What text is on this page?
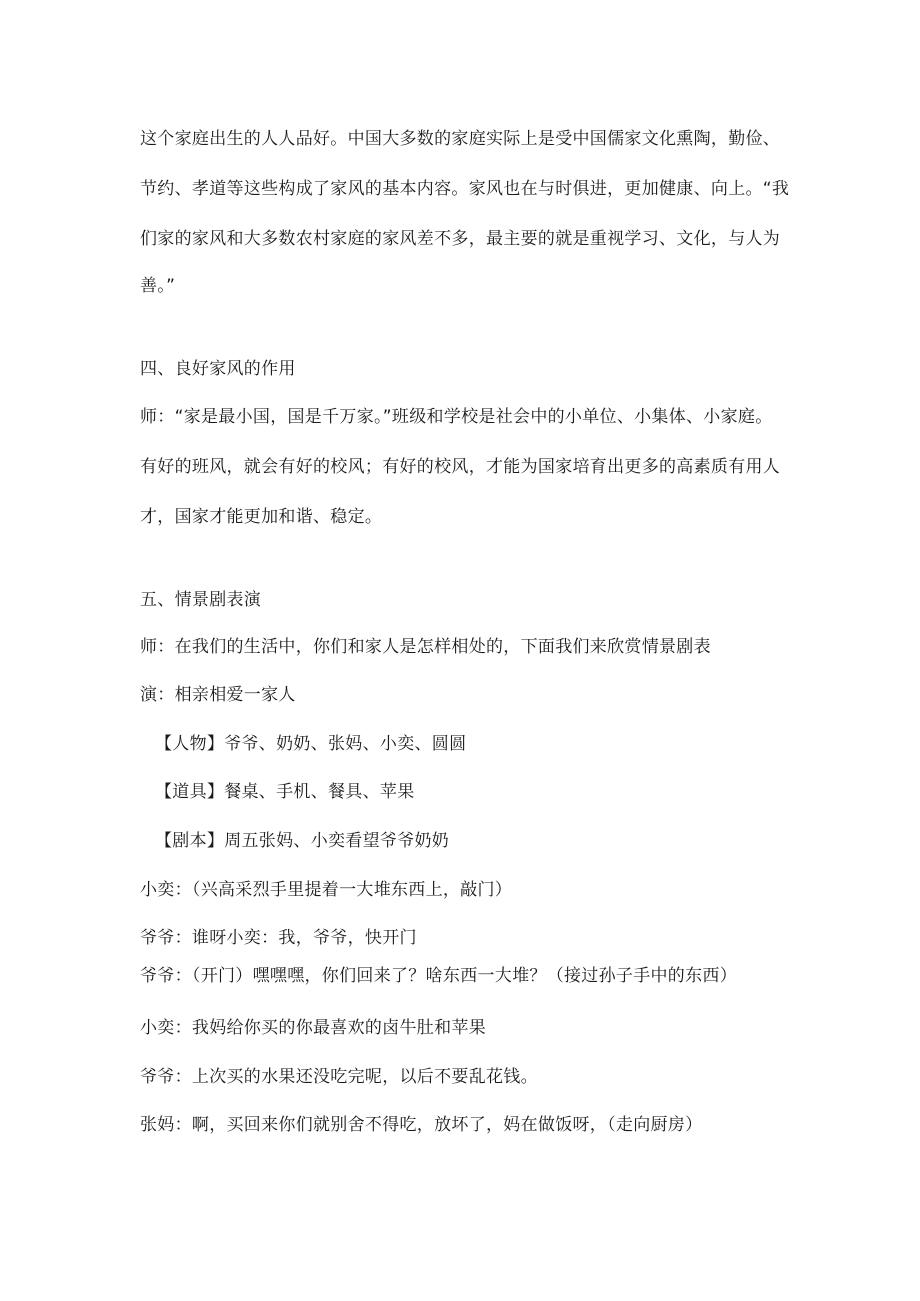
这个家庭出生的人人品好。中国大多数的家庭实际上是受中国儒家文化熏陶，勤俭、
节约、孝道等这些构成了家风的基本内容。家风也在与时俱进，更加健康、向上。“我
们家的家风和大多数农村家庭的家风差不多，最主要的就是重视学习、文化，与人为
善。”
四、良好家风的作用
师：“家是最小国，国是千万家。”班级和学校是社会中的小单位、小集体、小家庭。
有好的班风，就会有好的校风；有好的校风，才能为国家培育出更多的高素质有用人
才，国家才能更加和谐、稳定。
五、情景剧表演
师：在我们的生活中，你们和家人是怎样相处的，下面我们来欣赏情景剧表
演：相亲相爱一家人
【人物】爷爷、奶奶、张妈、小奕、圆圆
【道具】餐桌、手机、餐具、苹果
【剧本】周五张妈、小奕看望爷爷奶奶
小奕：（兴高采烈手里提着一大堆东西上，敲门）
爷爷：谁呀小奕：我，爷爷，快开门
爷爷：（开门）嘿嘿嘿，你们回来了？啥东西一大堆？（接过孙子手中的东西）
小奕：我妈给你买的你最喜欢的卤牛肚和苹果
爷爷：上次买的水果还没吃完呢，以后不要乱花钱。
张妈：啊，买回来你们就别舍不得吃，放坏了，妈在做饭呀，（走向厨房）
